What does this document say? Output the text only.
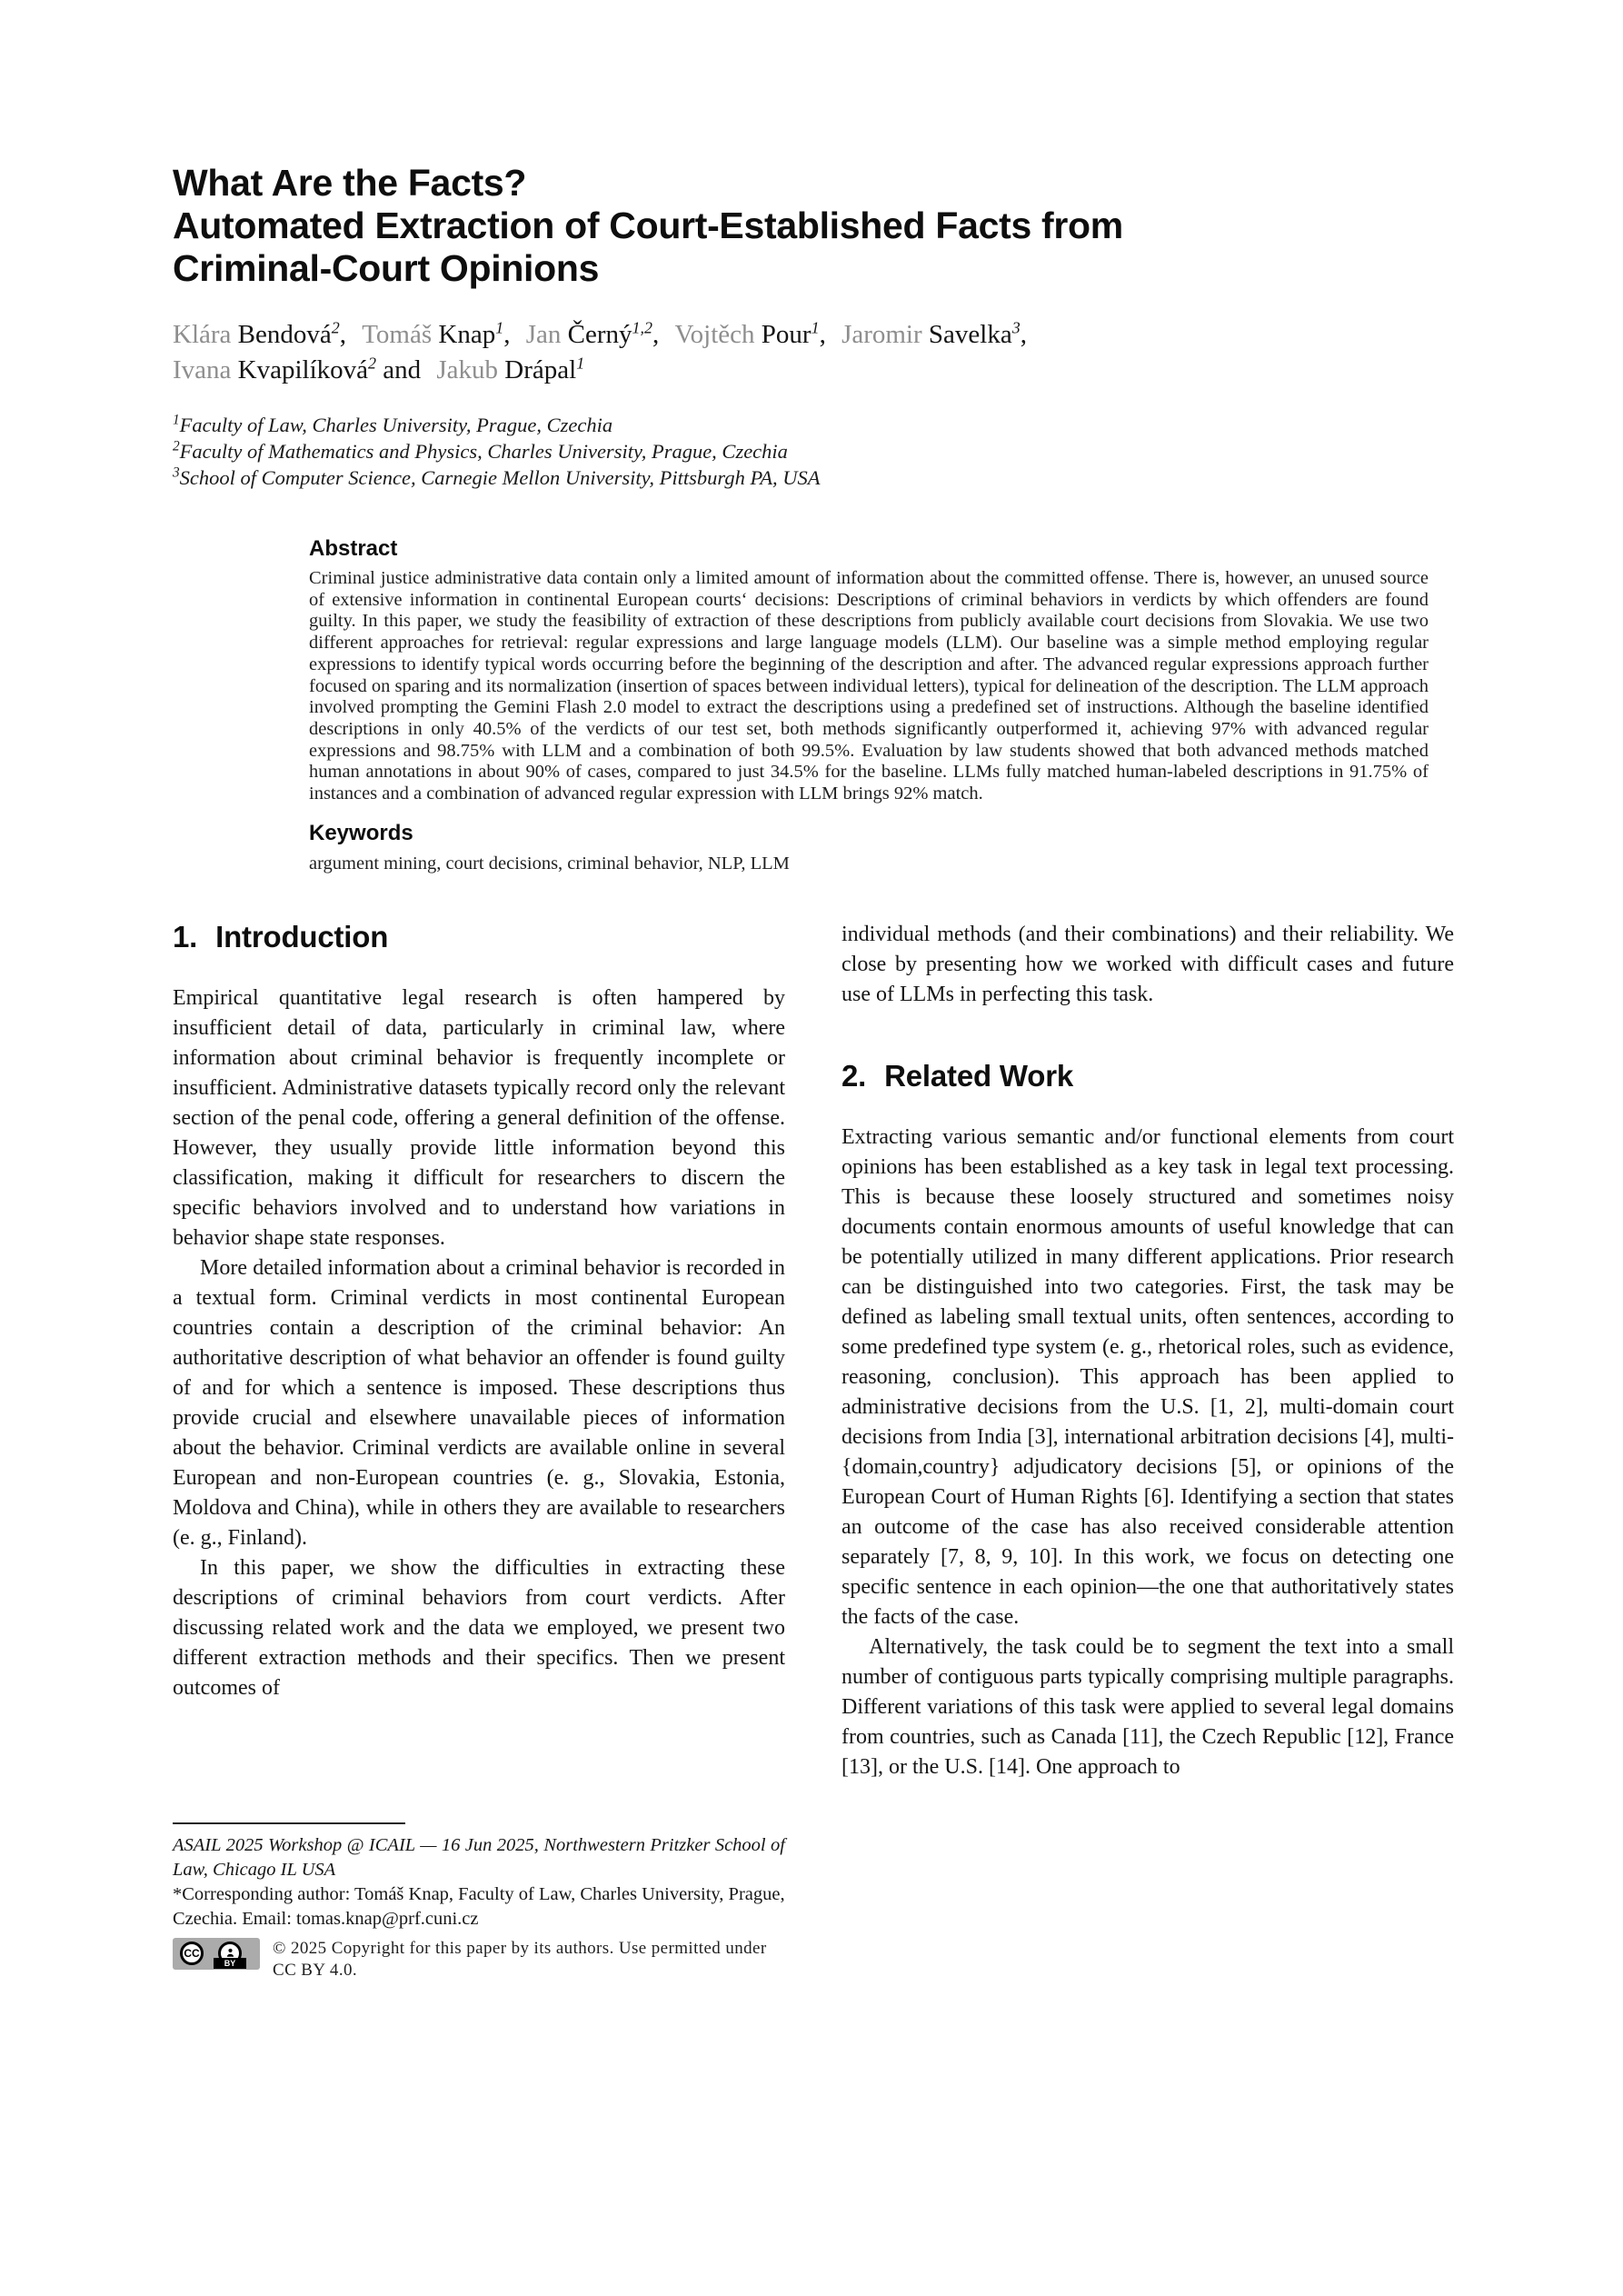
What Are the Facts?
Automated Extraction of Court-Established Facts from
Criminal-Court Opinions
Klára Bendová$^2$, Tomáš Knap$^1$, Jan Černý$^{1,2}$, Vojtěch Pour$^1$, Jaromir Savelka$^3$,
Ivana Kvapilíková$^2$ and Jakub Drápal$^1$
$^1$Faculty of Law, Charles University, Prague, Czechia
$^2$Faculty of Mathematics and Physics, Charles University, Prague, Czechia
$^3$School of Computer Science, Carnegie Mellon University, Pittsburgh PA, USA
Abstract

Criminal justice administrative data contain only a limited amount of information about the committed offense. There is, however, an unused source of extensive information in continental European courts‘ decisions: Descriptions of criminal behaviors in verdicts by which offenders are found guilty. In this paper, we study the feasibility of extraction of these descriptions from publicly available court decisions from Slovakia. We use two different approaches for retrieval: regular expressions and large language models (LLM). Our baseline was a simple method employing regular expressions to identify typical words occurring before the beginning of the description and after. The advanced regular expressions approach further focused on sparing and its normalization (insertion of spaces between individual letters), typical for delineation of the description. The LLM approach involved prompting the Gemini Flash 2.0 model to extract the descriptions using a predefined set of instructions. Although the baseline identified descriptions in only 40.5% of the verdicts of our test set, both methods significantly outperformed it, achieving 97% with advanced regular expressions and 98.75% with LLM and a combination of both 99.5%. Evaluation by law students showed that both advanced methods matched human annotations in about 90% of cases, compared to just 34.5% for the baseline. LLMs fully matched human-labeled descriptions in 91.75% of instances and a combination of advanced regular expression with LLM brings 92% match.

Keywords

argument mining, court decisions, criminal behavior, NLP, LLM

1. Introduction

Empirical quantitative legal research is often hampered by insufficient detail of data, particularly in criminal law, where information about criminal behavior is frequently incomplete or insufficient. Administrative datasets typically record only the relevant section of the penal code, offering a general definition of the offense. However, they usually provide little information beyond this classification, making it difficult for researchers to discern the specific behaviors involved and to understand how variations in behavior shape state responses.

More detailed information about a criminal behavior is recorded in a textual form. Criminal verdicts in most continental European countries contain a description of the criminal behavior: An authoritative description of what behavior an offender is found guilty of and for which a sentence is imposed. These descriptions thus provide crucial and elsewhere unavailable pieces of information about the behavior. Criminal verdicts are available online in several European and non-European countries (e. g., Slovakia, Estonia, Moldova and China), while in others they are available to researchers (e. g., Finland).

In this paper, we show the difficulties in extracting these descriptions of criminal behaviors from court verdicts. After discussing related work and the data we employed, we present two different extraction methods and their specifics. Then we present outcomes of

ASAIL 2025 Workshop @ ICAIL — 16 Jun 2025, Northwestern Pritzker School of Law, Chicago IL USA

*Corresponding author: Tomáš Knap, Faculty of Law, Charles University, Prague, Czechia. Email: tomas.knap@prf.cuni.cz

CC
BY
© 2025 Copyright for this paper by its authors. Use permitted under CC BY 4.0.

individual methods (and their combinations) and their reliability. We close by presenting how we worked with difficult cases and future use of LLMs in perfecting this task.

2. Related Work

Extracting various semantic and/or functional elements from court opinions has been established as a key task in legal text processing. This is because these loosely structured and sometimes noisy documents contain enormous amounts of useful knowledge that can be potentially utilized in many different applications. Prior research can be distinguished into two categories. First, the task may be defined as labeling small textual units, often sentences, according to some predefined type system (e. g., rhetorical roles, such as evidence, reasoning, conclusion). This approach has been applied to administrative decisions from the U.S. [1, 2], multi-domain court decisions from India [3], international arbitration decisions [4], multi-{domain,country} adjudicatory decisions [5], or opinions of the European Court of Human Rights [6]. Identifying a section that states an outcome of the case has also received considerable attention separately [7, 8, 9, 10]. In this work, we focus on detecting one specific sentence in each opinion—the one that authoritatively states the facts of the case.

Alternatively, the task could be to segment the text into a small number of contiguous parts typically comprising multiple paragraphs. Different variations of this task were applied to several legal domains from countries, such as Canada [11], the Czech Republic [12], France [13], or the U.S. [14]. One approach to
